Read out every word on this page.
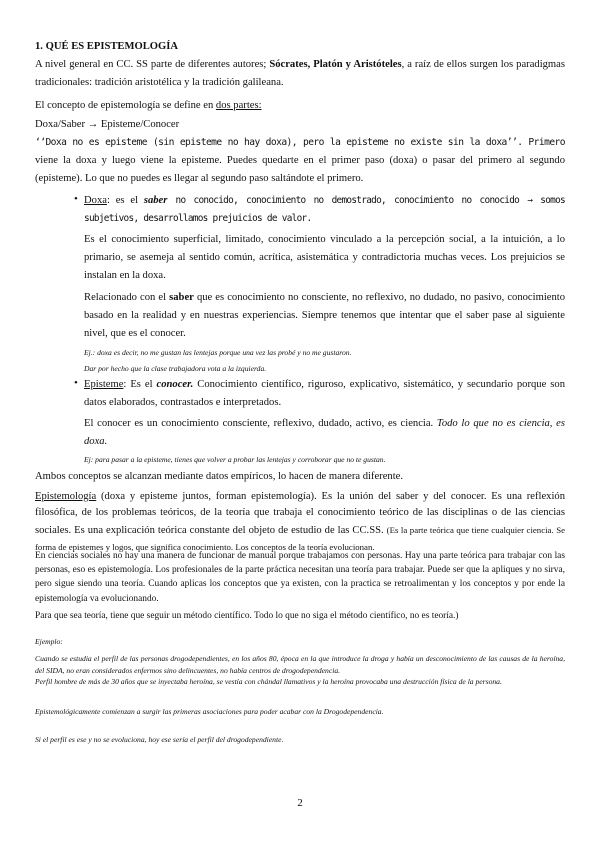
1. QUÉ ES EPISTEMOLOGÍA

A nivel general en CC. SS parte de diferentes autores; Sócrates, Platón y Aristóteles, a raíz de ellos surgen los paradigmas tradicionales: tradición aristotélica y la tradición galileana.

El concepto de epistemología se define en dos partes:

Doxa/Saber → Episteme/Conocer

‘‘Doxa no es episteme (sin episteme no hay doxa), pero la episteme no existe sin la doxa’’. Primero viene la doxa y luego viene la episteme. Puedes quedarte en el primer paso (doxa) o pasar del primero al segundo (episteme). Lo que no puedes es llegar al segundo paso saltándote el primero.

• Doxa: es el saber no conocido, conocimiento no demostrado, conocimiento no conocido → somos subjetivos, desarrollamos prejuicios de valor.

Es el conocimiento superficial, limitado, conocimiento vinculado a la percepción social, a la intuición, a lo primario, se asemeja al sentido común, acrítica, asistemática y contradictoria muchas veces. Los prejuicios se instalan en la doxa.

Relacionado con el saber que es conocimiento no consciente, no reflexivo, no dudado, no pasivo, conocimiento basado en la realidad y en nuestras experiencias. Siempre tenemos que intentar que el saber pase al siguiente nivel, que es el conocer.

Ej.: doxa es decir, no me gustan las lentejas porque una vez las probé y no me gustaron.

Dar por hecho que la clase trabajadora vota a la izquierda.

• Episteme: Es el conocer. Conocimiento científico, riguroso, explicativo, sistemático, y secundario porque son datos elaborados, contrastados e interpretados.

El conocer es un conocimiento consciente, reflexivo, dudado, activo, es ciencia. Todo lo que no es ciencia, es doxa.

Ej: para pasar a la episteme, tienes que volver a probar las lentejas y corroborar que no te gustan.

Ambos conceptos se alcanzan mediante datos empíricos, lo hacen de manera diferente.

Epistemología (doxa y episteme juntos, forman epistemología). Es la unión del saber y del conocer. Es una reflexión filosófica, de los problemas teóricos, de la teoría que trabaja el conocimiento teórico de las disciplinas o de las ciencias sociales. Es una explicación teórica constante del objeto de estudio de las CC.SS. (Es la parte teórica que tiene cualquier ciencia. Se forma de epistemes y logos, que significa conocimiento. Los conceptos de la teoría evolucionan.

En ciencias sociales no hay una manera de funcionar de manual porque trabajamos con personas. Hay una parte teórica para trabajar con las personas, eso es epistemología. Los profesionales de la parte práctica necesitan una teoría para trabajar. Puede ser que la apliques y no sirva, pero sigue siendo una teoría. Cuando aplicas los conceptos que ya existen, con la practica se retroalimentan y los conceptos y por ende la epistemología va evolucionando.

Para que sea teoría, tiene que seguir un método científico. Todo lo que no siga el método científico, no es teoría.)

Ejemplo:

Cuando se estudia el perfil de las personas drogodependientes, en los años 80, época en la que introduce la droga y había un desconocimiento de las causas de la heroína, del SIDA, no eran considerados enfermos sino delincuentes, no había centros de drogodependencia.

Perfil hombre de más de 30 años que se inyectaba heroína, se vestía con chándal llamativos y la heroína provocaba una destrucción física de la persona.

Epistemológicamente comienzan a surgir las primeras asociaciones para poder acabar con la Drogodependencia.

Si el perfil es ese y no se evoluciona, hoy ese sería el perfil del drogodependiente.

2
